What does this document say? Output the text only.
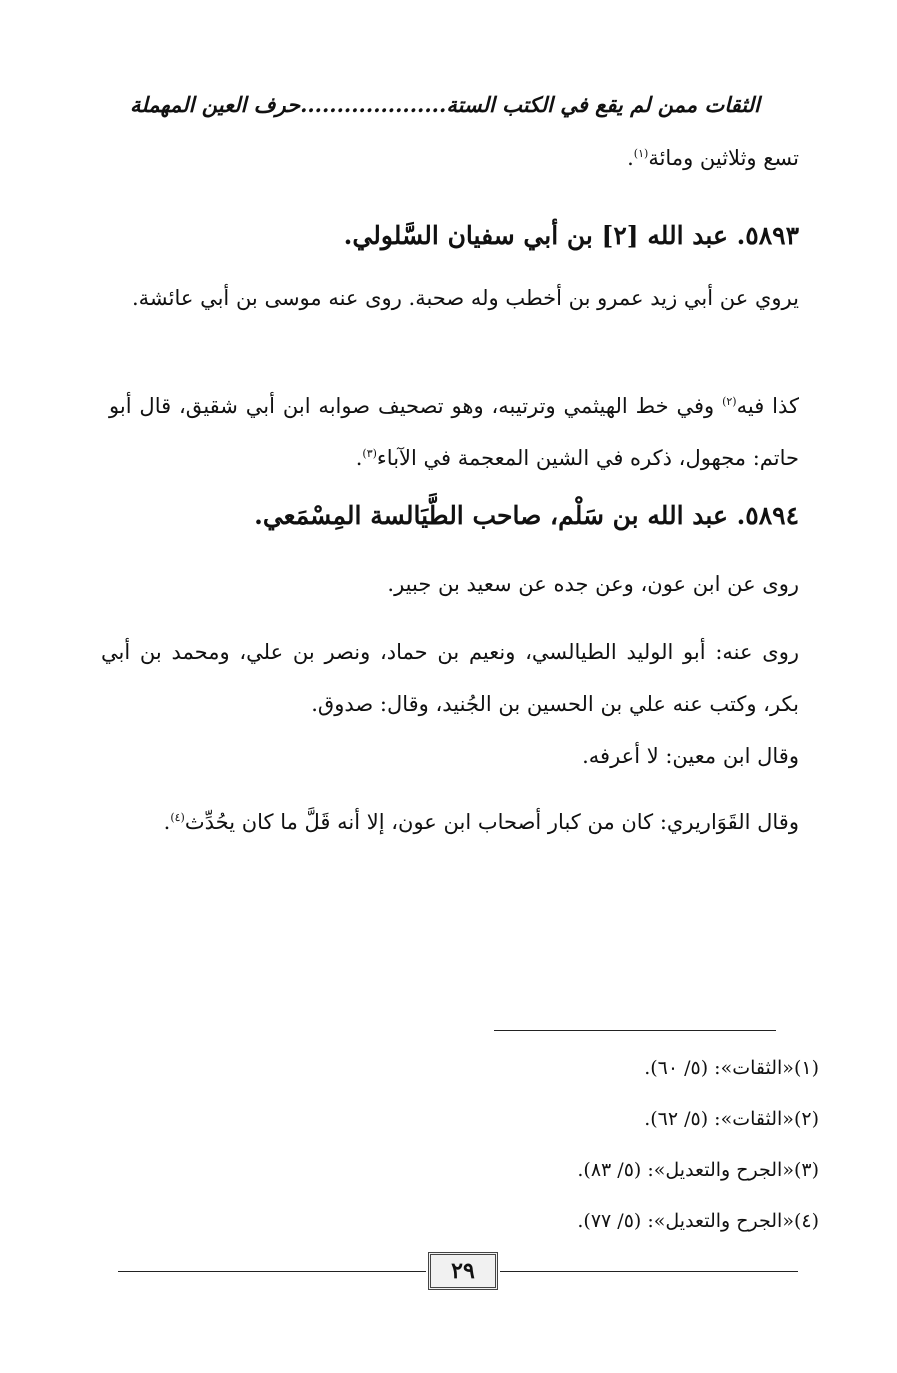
حرف العين المهملة.......... ..........الثقات ممن لم يقع في الكتب الستة
تسع وثلاثين ومائة$^{(١)}$.
٥٨٩٣. عبد الله [٢] بن أبي سفيان السَّلولي.
يروي عن أبي زيد عمرو بن أخطب وله صحبة. روى عنه موسى بن أبي عائشة.
كذا فيه$^{(٢)}$ وفي خط الهيثمي وترتيبه، وهو تصحيف صوابه ابن أبي شقيق، قال أبو حاتم: مجهول، ذكره في الشين المعجمة في الآباء$^{(٣)}$.
٥٨٩٤. عبد الله بن سَلْم، صاحب الطَّيَالسة المِسْمَعي.
روى عن ابن عون، وعن جده عن سعيد بن جبير.
روى عنه: أبو الوليد الطيالسي، ونعيم بن حماد، ونصر بن علي، ومحمد بن أبي بكر، وكتب عنه علي بن الحسين بن الجُنيد، وقال: صدوق.
وقال ابن معين: لا أعرفه.
وقال القَوَاريري: كان من كبار أصحاب ابن عون، إلا أنه قَلَّ ما كان يحُدِّث$^{(٤)}$.
(١)«الثقات»: (٥/ ٦٠).
(٢)«الثقات»: (٥/ ٦٢).
(٣)«الجرح والتعديل»: (٥/ ٨٣).
(٤)«الجرح والتعديل»: (٥/ ٧٧).
٢٩
